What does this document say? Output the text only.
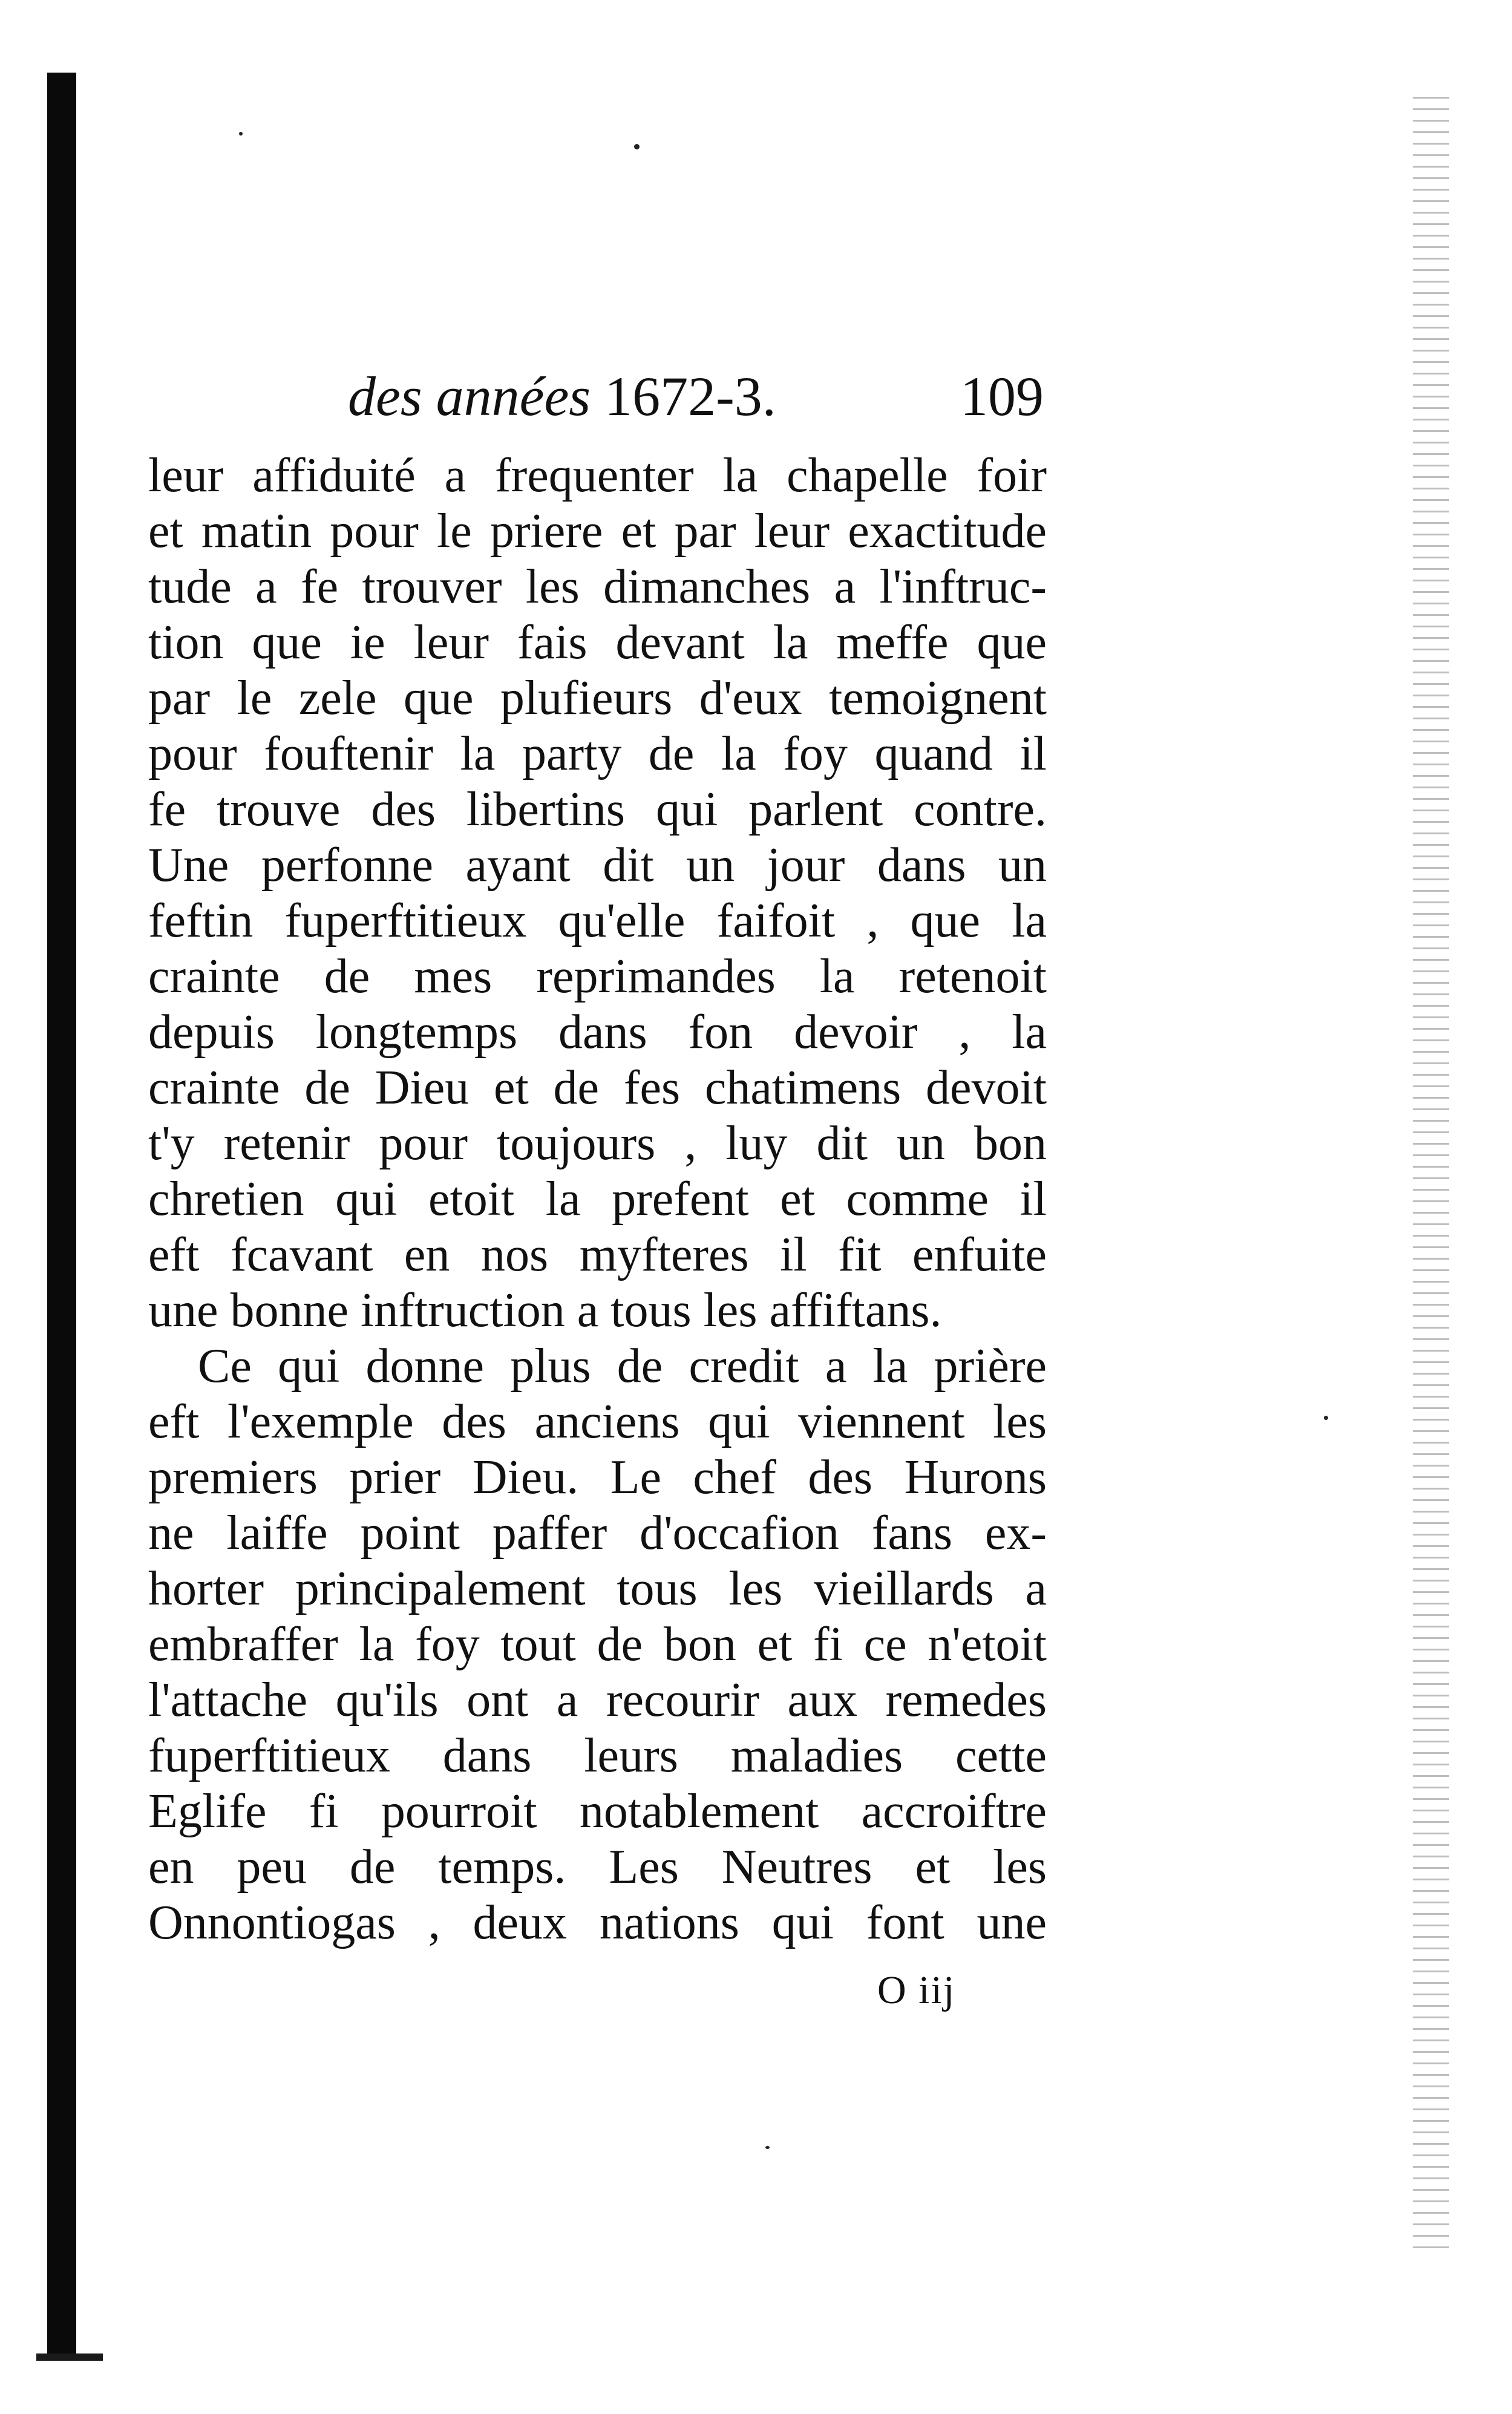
des années 1672-3.	109
leur affiduité a frequenter la chapelle foir
et matin pour le priere et par leur exactitude
tude a fe trouver les dimanches a l'inftruc-
tion que ie leur fais devant la meffe que
par le zele que plufieurs d'eux temoignent
pour fouftenir la party de la foy quand il
fe trouve des libertins qui parlent contre.
Une perfonne ayant dit un jour dans un
feftin fuperftitieux qu'elle faifoit , que la
crainte de mes reprimandes la retenoit
depuis longtemps dans fon devoir , la
crainte de Dieu et de fes chatimens devoit
t'y retenir pour toujours , luy dit un bon
chretien qui etoit la prefent et comme il
eft fcavant en nos myfteres il fit enfuite
une bonne inftruction a tous les affiftans.
Ce qui donne plus de credit a la prière
eft l'exemple des anciens qui viennent les
premiers prier Dieu. Le chef des Hurons
ne laiffe point paffer d'occafion fans ex-
horter principalement tous les vieillards a
embraffer la foy tout de bon et fi ce n'etoit
l'attache qu'ils ont a recourir aux remedes
fuperftitieux dans leurs maladies cette
Eglife fi pourroit notablement accroiftre
en peu de temps. Les Neutres et les
Onnontiogas , deux nations qui font une
O iij
